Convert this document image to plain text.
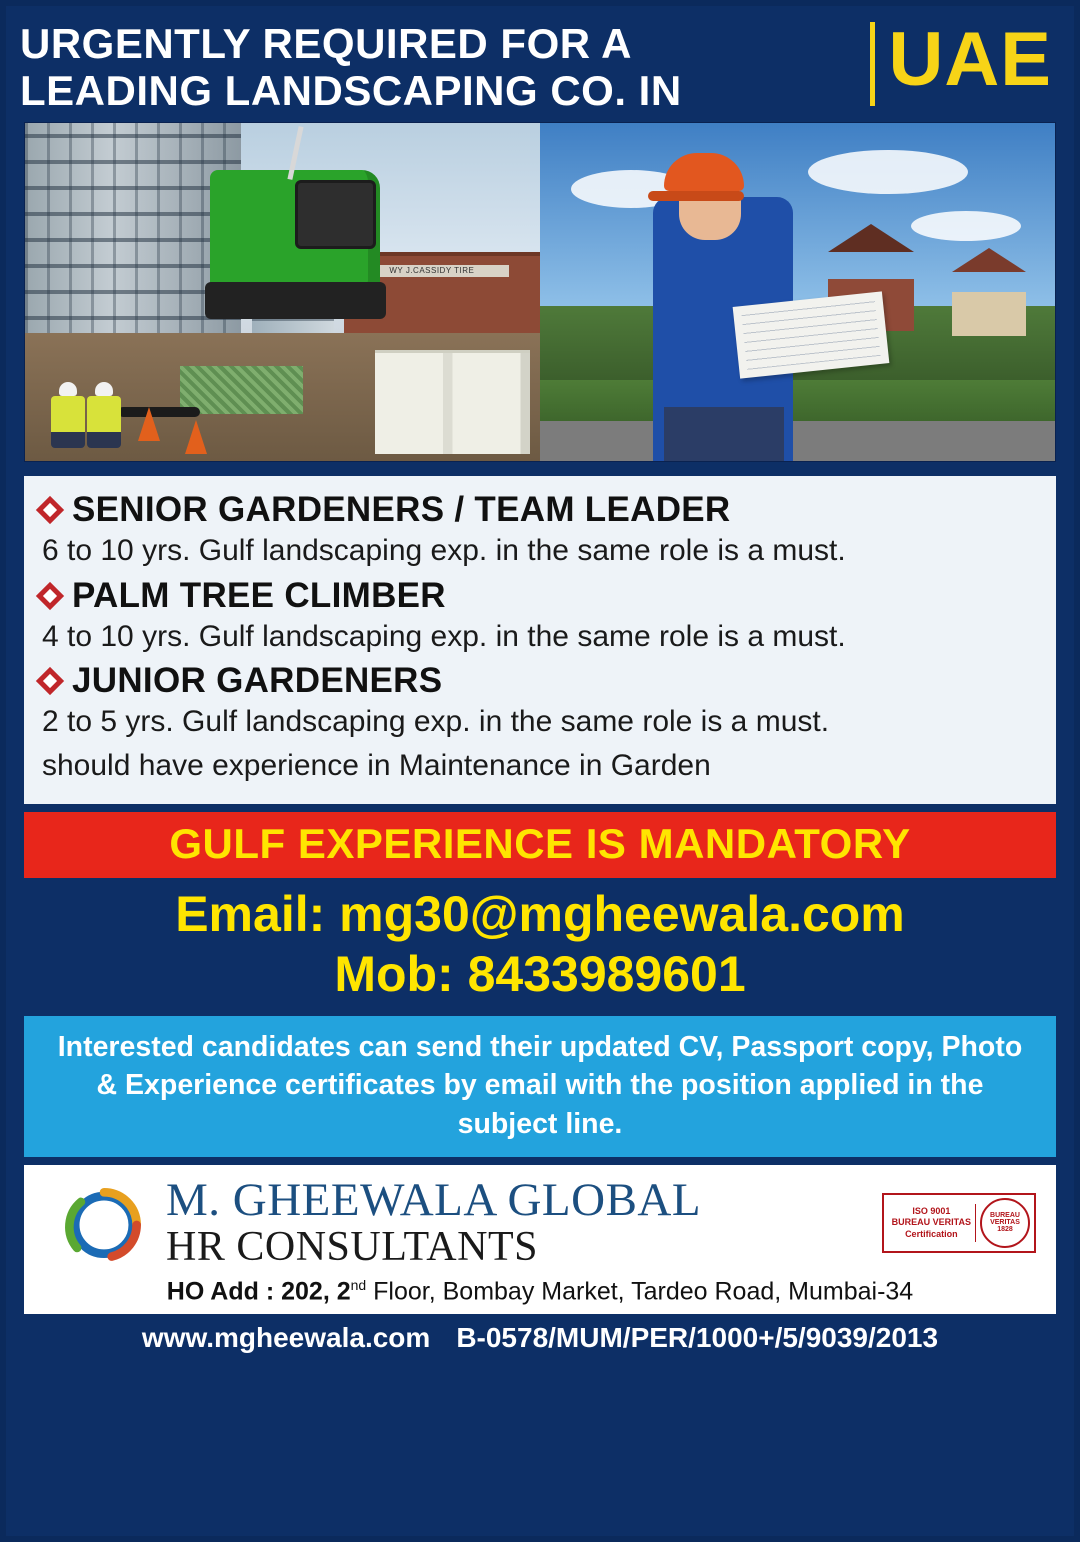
URGENTLY REQUIRED FOR A
LEADING LANDSCAPING CO. IN	UAE
WY J.CASSIDY TIRE
SENIOR GARDENERS / TEAM LEADER
6 to 10 yrs. Gulf landscaping exp. in the same role is a must.
PALM TREE CLIMBER
4 to 10 yrs. Gulf landscaping exp. in the same role is a must.
JUNIOR GARDENERS
2 to 5 yrs. Gulf landscaping exp. in the same role is a must.
should have experience in Maintenance in Garden
GULF EXPERIENCE IS MANDATORY
Email: mg30@mgheewala.com
Mob: 8433989601
Interested candidates can send their updated CV, Passport copy, Photo & Experience certificates by email with the position applied in the subject line.
M. GHEEWALA GLOBAL
HR CONSULTANTS
ISO 9001
BUREAU VERITAS
Certification
BUREAU VERITAS 1828
HO Add : 202, 2nd Floor, Bombay Market, Tardeo Road, Mumbai-34
www.mgheewala.com B-0578/MUM/PER/1000+/5/9039/2013
